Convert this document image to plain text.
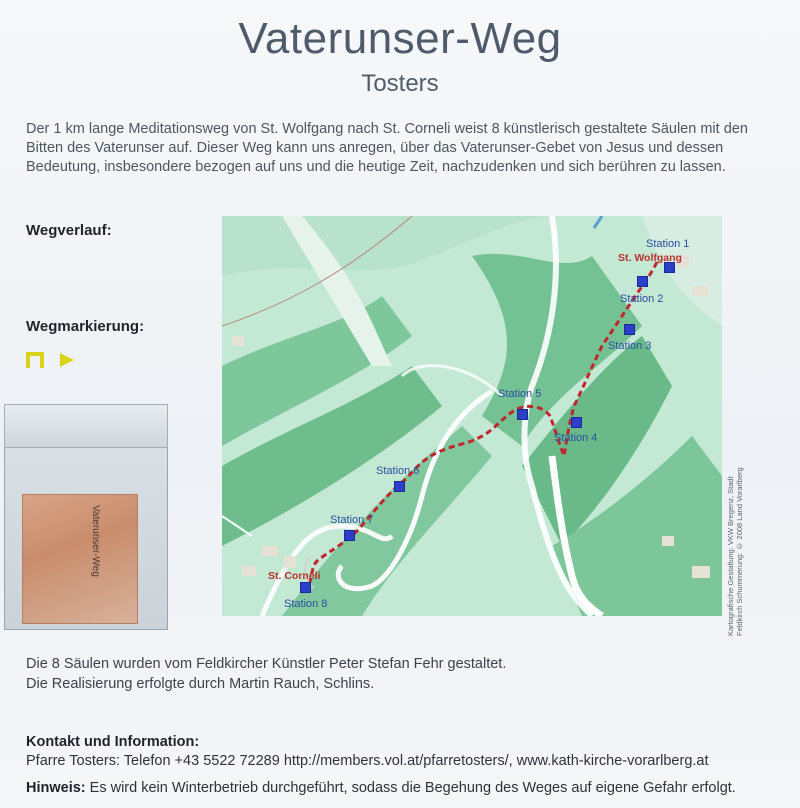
Vaterunser-Weg
Tosters
Der 1 km lange Meditationsweg von St. Wolfgang nach St. Corneli weist 8 künstlerisch gestaltete Säulen mit den Bitten des Vaterunser auf. Dieser Weg kann uns anregen, über das Vaterunser-Gebet von Jesus und dessen Bedeutung, insbesondere bezogen auf uns und die heutige Zeit, nachzudenken und sich berühren zu lassen.
Wegverlauf:
Wegmarkierung:
Vaterunser-Weg
Station 1
Station 2
Station 3
Station 4
Station 5
Station 6
Station 7
Station 8
St. Wolfgang
St. Corneli	Kartografische Gestaltung: VKW Bregenz, Stadt Feldkirch Schummerung: © 2008 Land Vorarlberg
Die 8 Säulen wurden vom Feldkircher Künstler Peter Stefan Fehr gestaltet.
Die Realisierung erfolgte durch Martin Rauch, Schlins.
Kontakt und Information:
Pfarre Tosters: Telefon +43 5522 72289 http://members.vol.at/pfarretosters/, www.kath-kirche-vorarlberg.at
Hinweis: Es wird kein Winterbetrieb durchgeführt, sodass die Begehung des Weges auf eigene Gefahr erfolgt.
